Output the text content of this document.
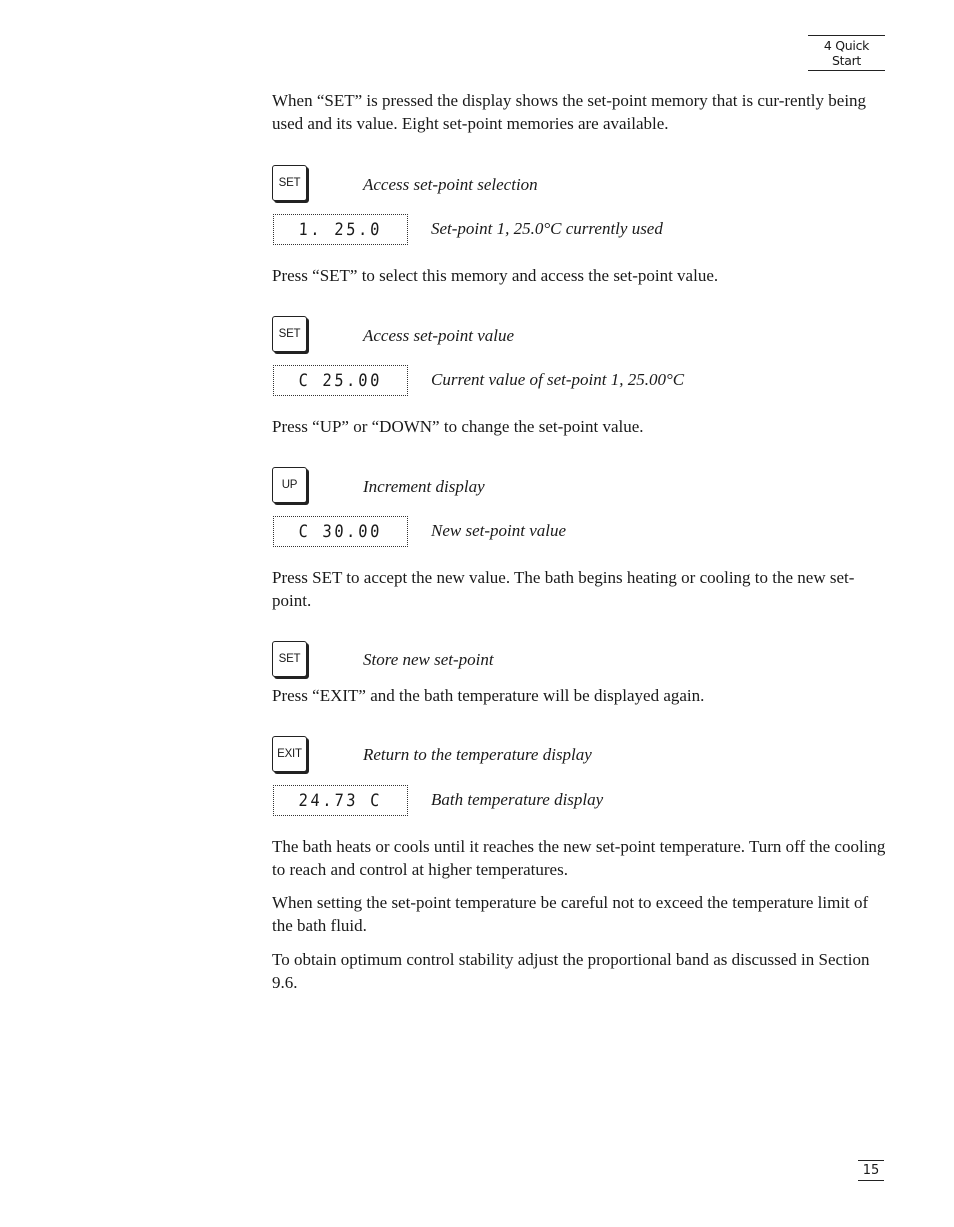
4 Quick Start

When “SET” is pressed the display shows the set-point memory that is cur-rently being used and its value. Eight set-point memories are available.

SET	Access set-point selection
1. 25.0	Set-point 1, 25.0°C currently used

Press “SET” to select this memory and access the set-point value.

SET	Access set-point value
C 25.00	Current value of set-point 1, 25.00°C

Press “UP” or “DOWN” to change the set-point value.

UP	Increment display
C 30.00	New set-point value

Press SET to accept the new value. The bath begins heating or cooling to the new set-point.

SET	Store new set-point

Press “EXIT” and the bath temperature will be displayed again.

EXIT	Return to the temperature display
24.73 C	Bath temperature display

The bath heats or cools until it reaches the new set-point temperature. Turn off the cooling to reach and control at higher temperatures.

When setting the set-point temperature be careful not to exceed the temperature limit of the bath fluid.

To obtain optimum control stability adjust the proportional band as discussed in Section 9.6.

15
